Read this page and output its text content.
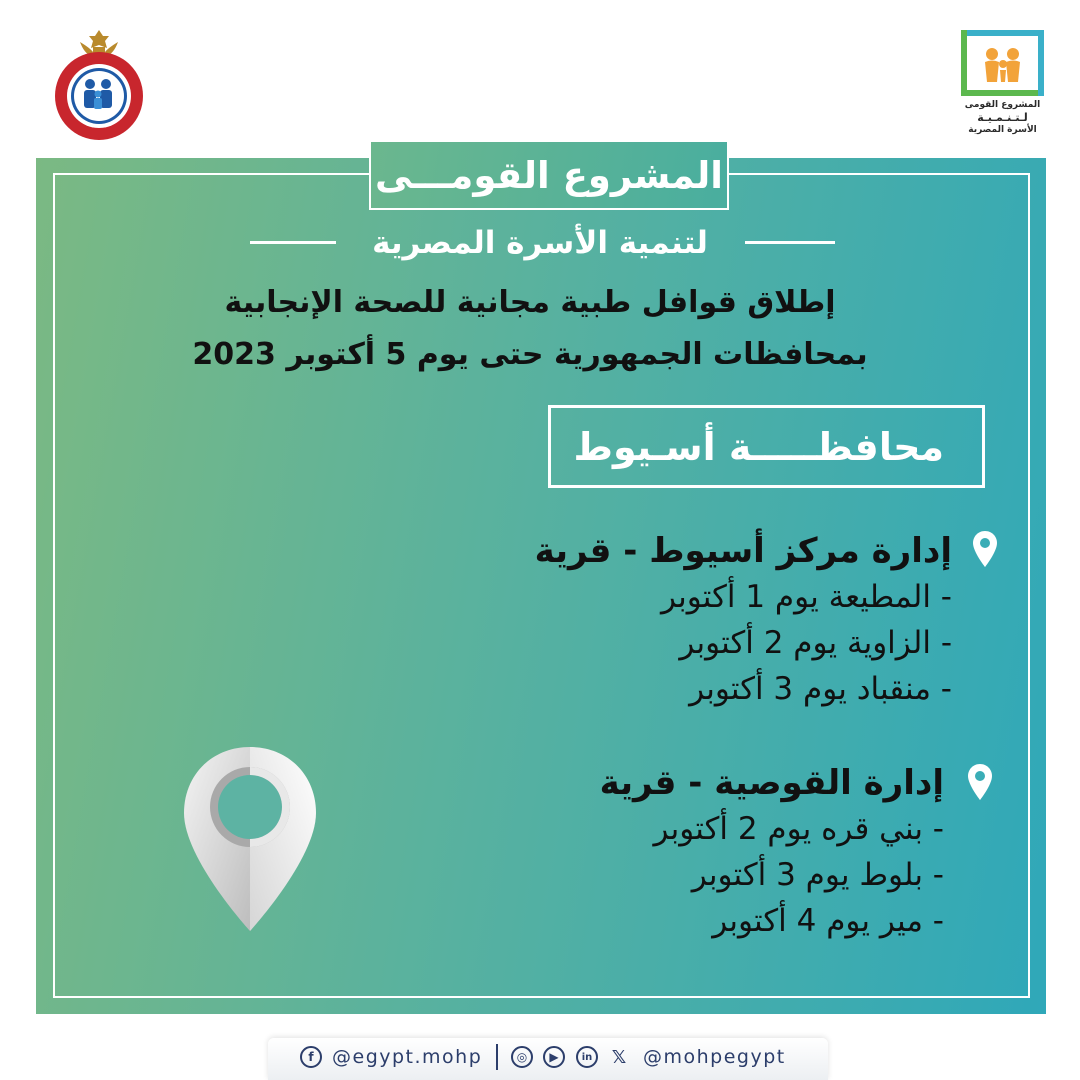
المشروع القومى
لـتـنـمـيـة
الأسرة المصرية
المشروع القومـــى
لتنمية الأسرة المصرية
إطلاق قوافل طبية مجانية للصحة الإنجابية
بمحافظات الجمهورية حتى يوم 5 أكتوبر 2023
محافظـــــة أسـيوط
إدارة مركز أسيوط - قرية
- المطيعة يوم 1 أكتوبر
- الزاوية يوم 2 أكتوبر
- منقباد يوم 3 أكتوبر
إدارة القوصية - قرية
- بني قره يوم 2 أكتوبر
- بلوط يوم 3 أكتوبر
- مير يوم 4 أكتوبر
f @egypt.mohp	◎	▶	in	𝕏 @mohpegypt
